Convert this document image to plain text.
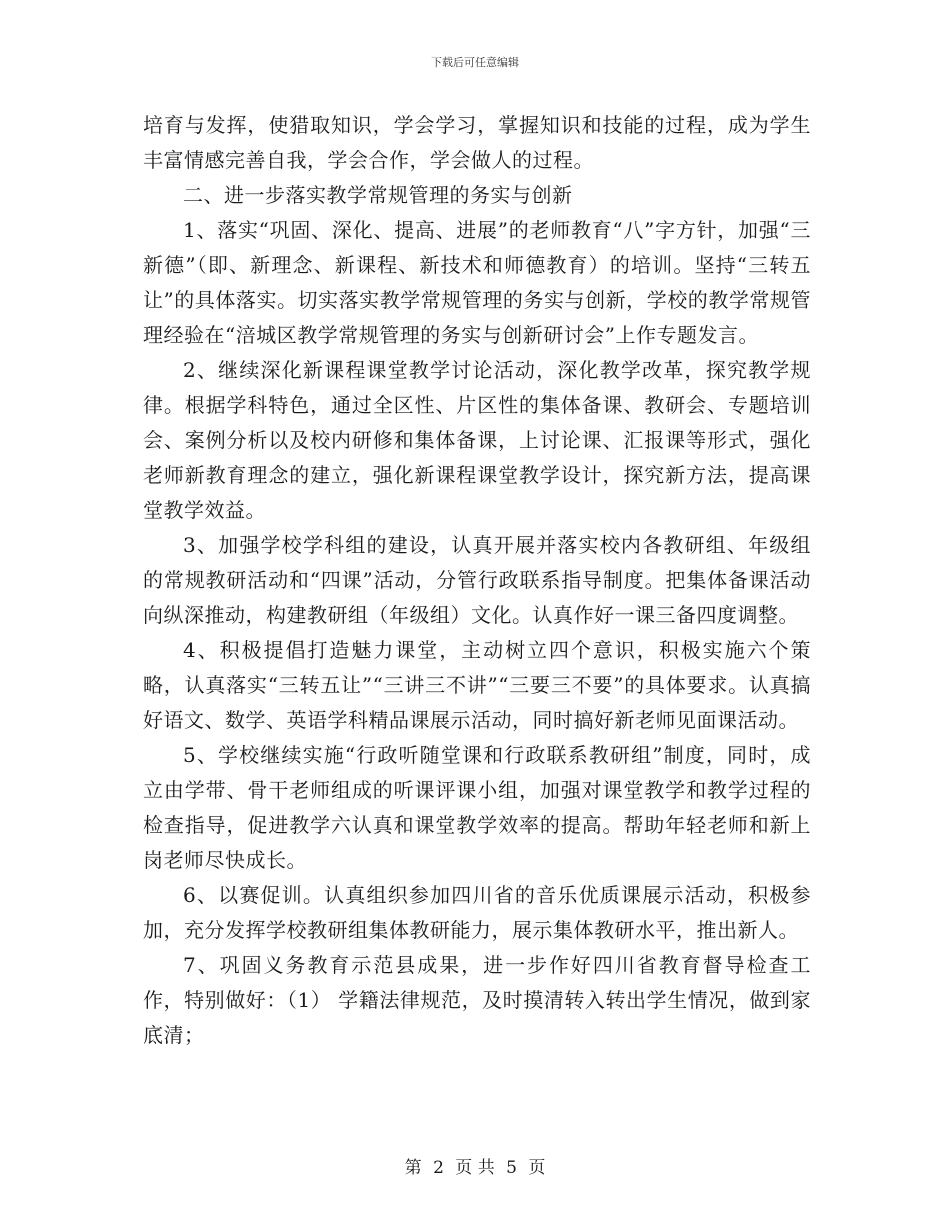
下载后可任意编辑

培育与发挥，使猎取知识，学会学习，掌握知识和技能的过程，成为学生丰富情感完善自我，学会合作，学会做人的过程。

二、进一步落实教学常规管理的务实与创新

1、落实“巩固、深化、提高、进展”的老师教育“八”字方针，加强“三新德”（即、新理念、新课程、新技术和师德教育）的培训。坚持“三转五让”的具体落实。切实落实教学常规管理的务实与创新，学校的教学常规管理经验在“涪城区教学常规管理的务实与创新研讨会”上作专题发言。

2、继续深化新课程课堂教学讨论活动，深化教学改革，探究教学规律。根据学科特色，通过全区性、片区性的集体备课、教研会、专题培训会、案例分析以及校内研修和集体备课，上讨论课、汇报课等形式，强化老师新教育理念的建立，强化新课程课堂教学设计，探究新方法，提高课堂教学效益。

3、加强学校学科组的建设，认真开展并落实校内各教研组、年级组的常规教研活动和“四课”活动，分管行政联系指导制度。把集体备课活动向纵深推动，构建教研组（年级组）文化。认真作好一课三备四度调整。

4、积极提倡打造魅力课堂，主动树立四个意识，积极实施六个策略，认真落实“三转五让”“三讲三不讲”“三要三不要”的具体要求。认真搞好语文、数学、英语学科精品课展示活动，同时搞好新老师见面课活动。

5、学校继续实施“行政听随堂课和行政联系教研组”制度，同时，成立由学带、骨干老师组成的听课评课小组，加强对课堂教学和教学过程的检查指导，促进教学六认真和课堂教学效率的提高。帮助年轻老师和新上岗老师尽快成长。

6、以赛促训。认真组织参加四川省的音乐优质课展示活动，积极参加，充分发挥学校教研组集体教研能力，展示集体教研水平，推出新人。

7、巩固义务教育示范县成果，进一步作好四川省教育督导检查工作，特别做好：（1） 学籍法律规范，及时摸清转入转出学生情况，做到家底清；

第 2 页 共 5 页
